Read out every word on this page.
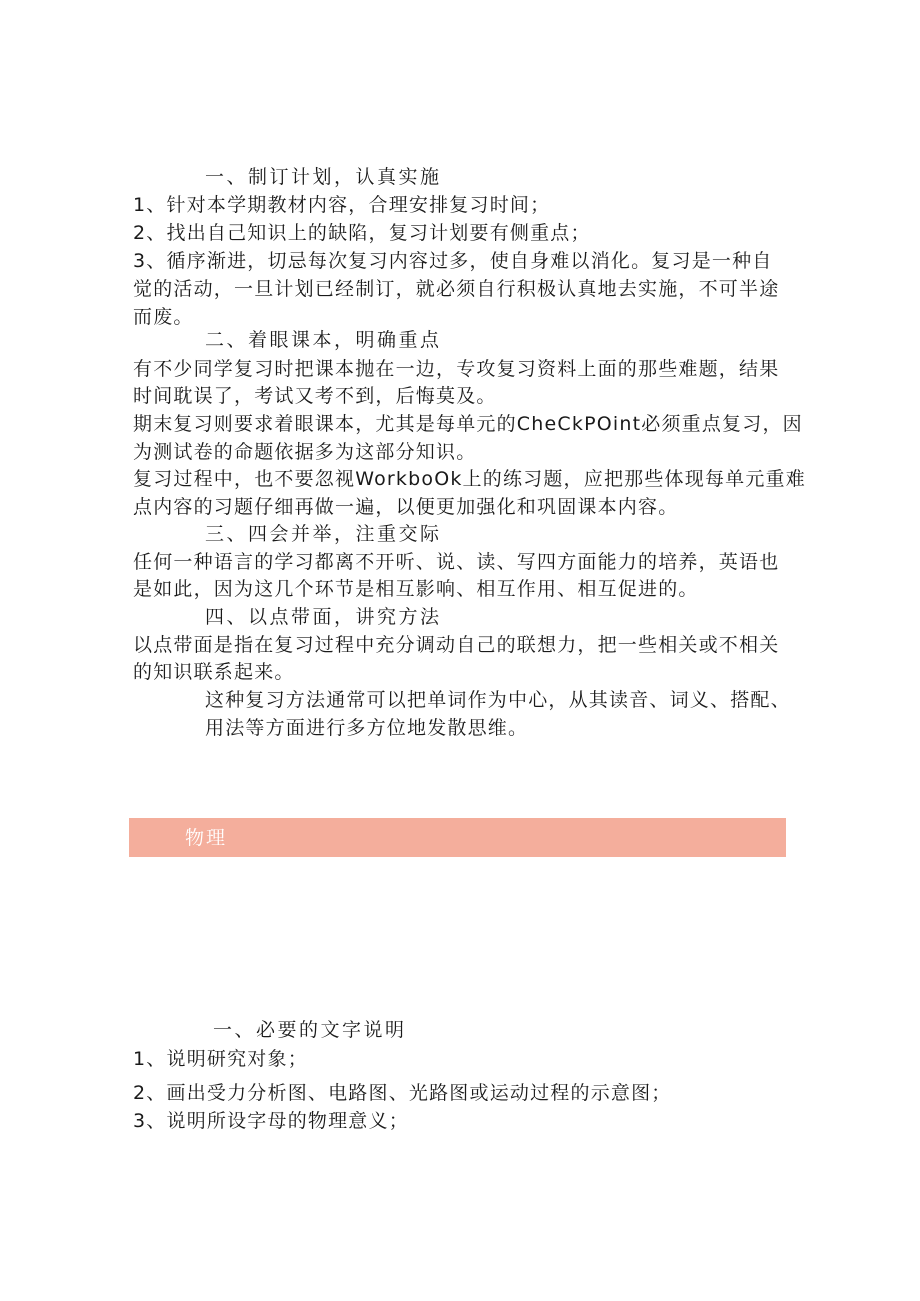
一、制订计划，认真实施
1、针对本学期教材内容，合理安排复习时间；
2、找出自己知识上的缺陷，复习计划要有侧重点；
3、循序渐进，切忌每次复习内容过多，使自身难以消化。复习是一种自
觉的活动，一旦计划已经制订，就必须自行积极认真地去实施，不可半途
而废。
二、着眼课本，明确重点
有不少同学复习时把课本抛在一边，专攻复习资料上面的那些难题，结果
时间耽误了，考试又考不到，后悔莫及。
期末复习则要求着眼课本，尤其是每单元的CheCkPOint必须重点复习，因
为测试卷的命题依据多为这部分知识。
复习过程中，也不要忽视WorkboOk上的练习题，应把那些体现每单元重难
点内容的习题仔细再做一遍，以便更加强化和巩固课本内容。
三、四会并举，注重交际
任何一种语言的学习都离不开听、说、读、写四方面能力的培养，英语也
是如此，因为这几个环节是相互影响、相互作用、相互促进的。
四、以点带面，讲究方法
以点带面是指在复习过程中充分调动自己的联想力，把一些相关或不相关
的知识联系起来。
这种复习方法通常可以把单词作为中心，从其读音、词义、搭配、
用法等方面进行多方位地发散思维。
物理
一、必要的文字说明
1、说明研究对象；
2、画出受力分析图、电路图、光路图或运动过程的示意图；
3、说明所设字母的物理意义；
